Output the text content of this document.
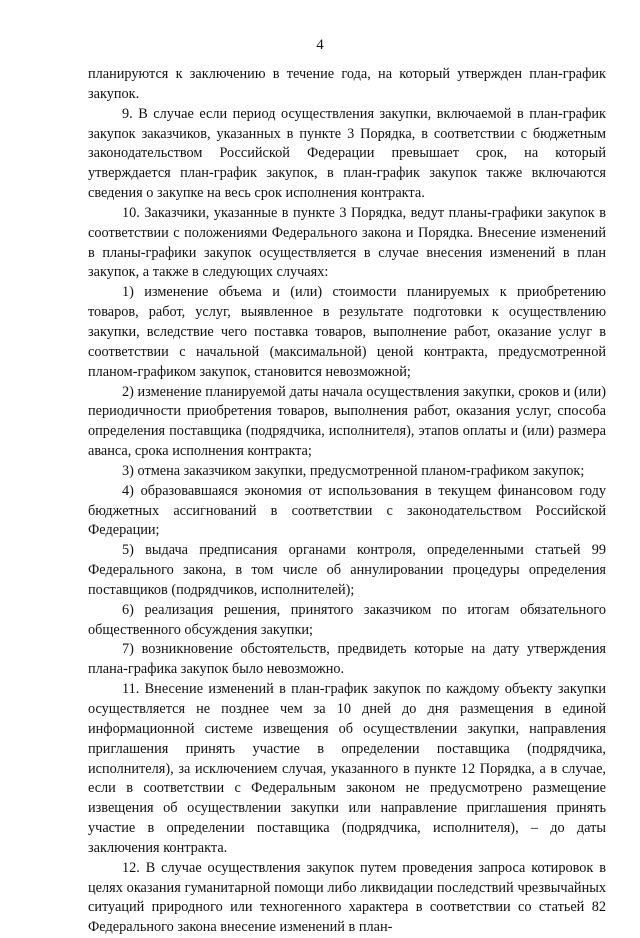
4

планируются к заключению в течение года, на который утвержден план-график закупок.

9. В случае если период осуществления закупки, включаемой в план-график закупок заказчиков, указанных в пункте 3 Порядка, в соответствии с бюджетным законодательством Российской Федерации превышает срок, на который утверждается план-график закупок, в план-график закупок также включаются сведения о закупке на весь срок исполнения контракта.

10. Заказчики, указанные в пункте 3 Порядка, ведут планы-графики закупок в соответствии с положениями Федерального закона и Порядка. Внесение изменений в планы-графики закупок осуществляется в случае внесения изменений в план закупок, а также в следующих случаях:

1) изменение объема и (или) стоимости планируемых к приобретению товаров, работ, услуг, выявленное в результате подготовки к осуществлению закупки, вследствие чего поставка товаров, выполнение работ, оказание услуг в соответствии с начальной (максимальной) ценой контракта, предусмотренной планом-графиком закупок, становится невозможной;

2) изменение планируемой даты начала осуществления закупки, сроков и (или) периодичности приобретения товаров, выполнения работ, оказания услуг, способа определения поставщика (подрядчика, исполнителя), этапов оплаты и (или) размера аванса, срока исполнения контракта;

3) отмена заказчиком закупки, предусмотренной планом-графиком закупок;

4) образовавшаяся экономия от использования в текущем финансовом году бюджетных ассигнований в соответствии с законодательством Российской Федерации;

5) выдача предписания органами контроля, определенными статьей 99 Федерального закона, в том числе об аннулировании процедуры определения поставщиков (подрядчиков, исполнителей);

6) реализация решения, принятого заказчиком по итогам обязательного общественного обсуждения закупки;

7) возникновение обстоятельств, предвидеть которые на дату утверждения плана-графика закупок было невозможно.

11. Внесение изменений в план-график закупок по каждому объекту закупки осуществляется не позднее чем за 10 дней до дня размещения в единой информационной системе извещения об осуществлении закупки, направления приглашения принять участие в определении поставщика (подрядчика, исполнителя), за исключением случая, указанного в пункте 12 Порядка, а в случае, если в соответствии с Федеральным законом не предусмотрено размещение извещения об осуществлении закупки или направление приглашения принять участие в определении поставщика (подрядчика, исполнителя), – до даты заключения контракта.

12. В случае осуществления закупок путем проведения запроса котировок в целях оказания гуманитарной помощи либо ликвидации последствий чрезвычайных ситуаций природного или техногенного характера в соответствии со статьей 82 Федерального закона внесение изменений в план-
